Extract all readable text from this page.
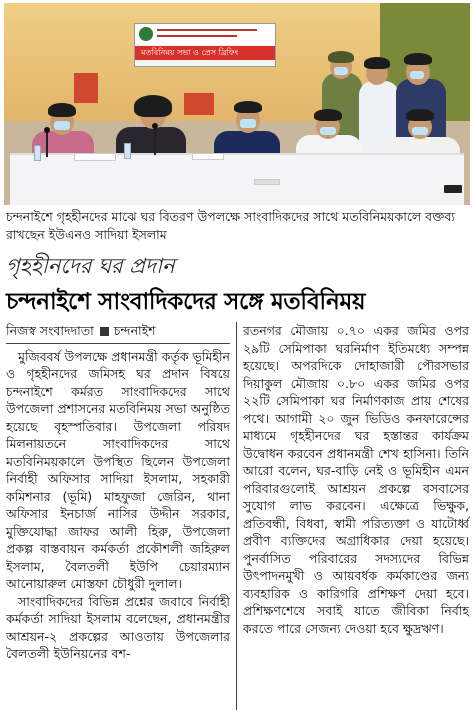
মতবিনিময় সভা ও প্রেস ব্রিফিং
চন্দনাইশে গৃহহীনদের মাঝে ঘর বিতরণ উপলক্ষে সাংবাদিকদের সাথে মতবিনিময়কালে বক্তব্য রাখছেন ইউএনও সাদিয়া ইসলাম
গৃহহীনদের ঘর প্রদান
চন্দনাইশে সাংবাদিকদের সঙ্গে মতবিনিময়
নিজস্ব সংবাদদাতা চন্দনাইশ
মুজিববর্ষ উপলক্ষে প্রধানমন্ত্রী কর্তৃক ভূমিহীন ও গৃহহীনদের জমিসহ ঘর প্রদান বিষয়ে চন্দনাইশে কর্মরত সাংবাদিকদের সাথে উপজেলা প্রশাসনের মতবিনিময় সভা অনুষ্ঠিত হয়েছে বৃহস্পতিবার। উপজেলা পরিষদ মিলনায়তনে সাংবাদিকদের সাথে মতবিনিময়কালে উপস্থিত ছিলেন উপজেলা নির্বাহী অফিসার সাদিয়া ইসলাম, সহকারী কমিশনার (ভূমি) মাহফুজা জেরিন, থানা অফিসার ইনচার্জ নাসির উদ্দীন সরকার, মুক্তিযোদ্ধা জাফর আলী হিরু, উপজেলা প্রকল্প বাস্তবায়ন কর্মকর্তা প্রকৌশলী জহিরুল ইসলাম, বৈলতলী ইউপি চেয়ারম্যান আনোয়ারুল মোস্তফা চৌধুরী দুলাল।
সাংবাদিকদের বিভিন্ন প্রশ্নের জবাবে নির্বাহী কর্মকর্তা সাদিয়া ইসলাম বলেছেন, প্রধানমন্ত্রীর আশ্রয়ন-২ প্রকল্পের আওতায় উপজেলার বৈলতলী ইউনিয়নের বশ-
রতনগর মৌজায় ০.৭০ একর জমির ওপর ২৯টি সেমিপাকা ঘরনির্মাণ ইতিমধ্যে সম্পন্ন হয়েছে। অপরদিকে দোহাজারী পৌরসভার দিয়াকুল মৌজায় ০.৮০ একর জমির ওপর ২২টি সেমিপাকা ঘর নির্মাণকাজ প্রায় শেষের পথে। আগামী ২০ জুন ভিডিও কনফারেন্সের মাধ্যমে গৃহহীনদের ঘর হস্তান্তর কার্যক্রম উদ্বোধন করবেন প্রধানমন্ত্রী শেখ হাসিনা। তিনি আরো বলেন, ঘর-বাড়ি নেই ও ভূমিহীন এমন পরিবারগুলোই আশ্রয়ন প্রকল্পে বসবাসের সুযোগ লাভ করবেন। এক্ষেত্রে ভিক্ষুক, প্রতিবন্ধী, বিধবা, স্বামী পরিত্যক্তা ও যাটোর্ধ্ব প্রবীণ ব্যক্তিদের অগ্রাধিকার দেয়া হয়েছে। পুনর্বাসিত পরিবারের সদস্যদের বিভিন্ন উৎপাদনমুখী ও আয়বর্ধক কর্মকাণ্ডের জন্য ব্যবহারিক ও কারিগরি প্রশিক্ষণ দেয়া হবে। প্রশিক্ষণশেষে সবাই যাতে জীবিকা নির্বাহ করতে পারে সেজন্য দেওয়া হবে ক্ষুদ্রঋণ।
